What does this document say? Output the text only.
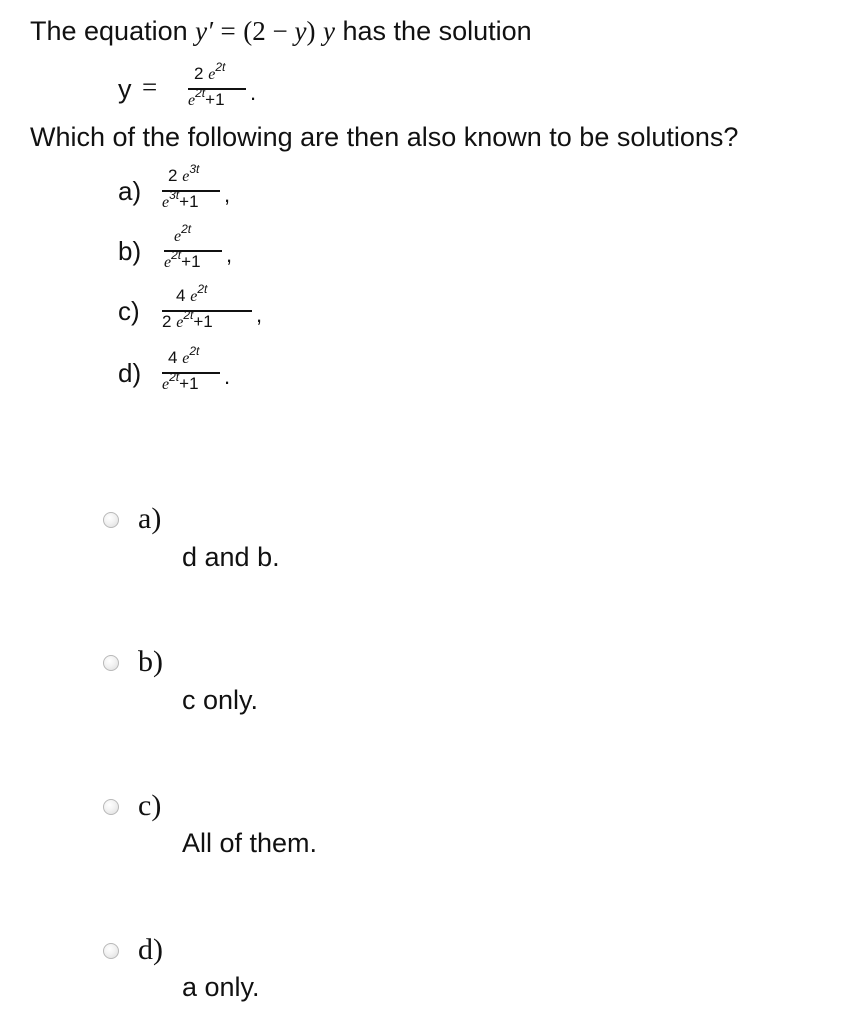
The equation y′ = (2 − y) y has the solution
y = 2 $e^{2t}$
$e^{2t}+1$ .
Which of the following are then also known to be solutions?
a)
2 $e^{3t}$
$e^{3t}+1$ ,
b) $e^{2t}$
$e^{2t}+1$ ,
c)
4 $e^{2t}$
2 $e^{2t}+1$ ,
d)
4 $e^{2t}$
$e^{2t}+1$ .
a)
d and b.
b)
c only.
c)
All of them.
d)
a only.
